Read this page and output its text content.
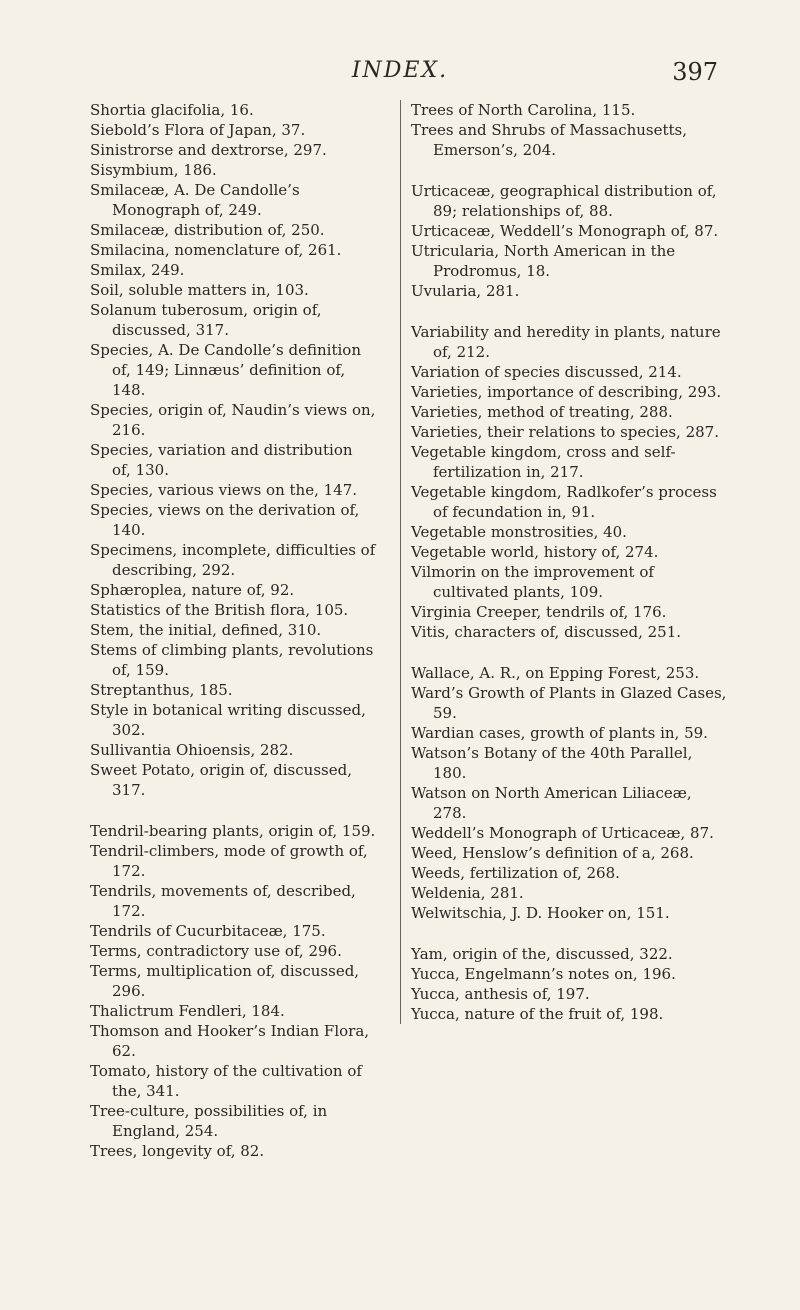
INDEX.	397

Shortia glacifolia, 16.

Siebold’s Flora of Japan, 37.

Sinistrorse and dextrorse, 297.

Sisymbium, 186.

Smilaceæ, A. De Candolle’s Monograph of, 249.

Smilaceæ, distribution of, 250.

Smilacina, nomenclature of, 261.

Smilax, 249.

Soil, soluble matters in, 103.

Solanum tuberosum, origin of, discussed, 317.

Species, A. De Candolle’s definition of, 149; Linnæus’ definition of, 148.

Species, origin of, Naudin’s views on, 216.

Species, variation and distribution of, 130.

Species, various views on the, 147.

Species, views on the derivation of, 140.

Specimens, incomplete, difficulties of describing, 292.

Sphæroplea, nature of, 92.

Statistics of the British flora, 105.

Stem, the initial, defined, 310.

Stems of climbing plants, revolutions of, 159.

Streptanthus, 185.

Style in botanical writing discussed, 302.

Sullivantia Ohioensis, 282.

Sweet Potato, origin of, discussed, 317.

Tendril-bearing plants, origin of, 159.

Tendril-climbers, mode of growth of, 172.

Tendrils, movements of, described, 172.

Tendrils of Cucurbitaceæ, 175.

Terms, contradictory use of, 296.

Terms, multiplication of, discussed, 296.

Thalictrum Fendleri, 184.

Thomson and Hooker’s Indian Flora, 62.

Tomato, history of the cultivation of the, 341.

Tree-culture, possibilities of, in England, 254.

Trees, longevity of, 82.

Trees of North Carolina, 115.

Trees and Shrubs of Massachusetts, Emerson’s, 204.

Urticaceæ, geographical distribution of, 89; relationships of, 88.

Urticaceæ, Weddell’s Monograph of, 87.

Utricularia, North American in the Prodromus, 18.

Uvularia, 281.

Variability and heredity in plants, nature of, 212.

Variation of species discussed, 214.

Varieties, importance of describing, 293.

Varieties, method of treating, 288.

Varieties, their relations to species, 287.

Vegetable kingdom, cross and self-fertilization in, 217.

Vegetable kingdom, Radlkofer’s process of fecundation in, 91.

Vegetable monstrosities, 40.

Vegetable world, history of, 274.

Vilmorin on the improvement of cultivated plants, 109.

Virginia Creeper, tendrils of, 176.

Vitis, characters of, discussed, 251.

Wallace, A. R., on Epping Forest, 253.

Ward’s Growth of Plants in Glazed Cases, 59.

Wardian cases, growth of plants in, 59.

Watson’s Botany of the 40th Parallel, 180.

Watson on North American Liliaceæ, 278.

Weddell’s Monograph of Urticaceæ, 87.

Weed, Henslow’s definition of a, 268.

Weeds, fertilization of, 268.

Weldenia, 281.

Welwitschia, J. D. Hooker on, 151.

Yam, origin of the, discussed, 322.

Yucca, Engelmann’s notes on, 196.

Yucca, anthesis of, 197.

Yucca, nature of the fruit of, 198.
